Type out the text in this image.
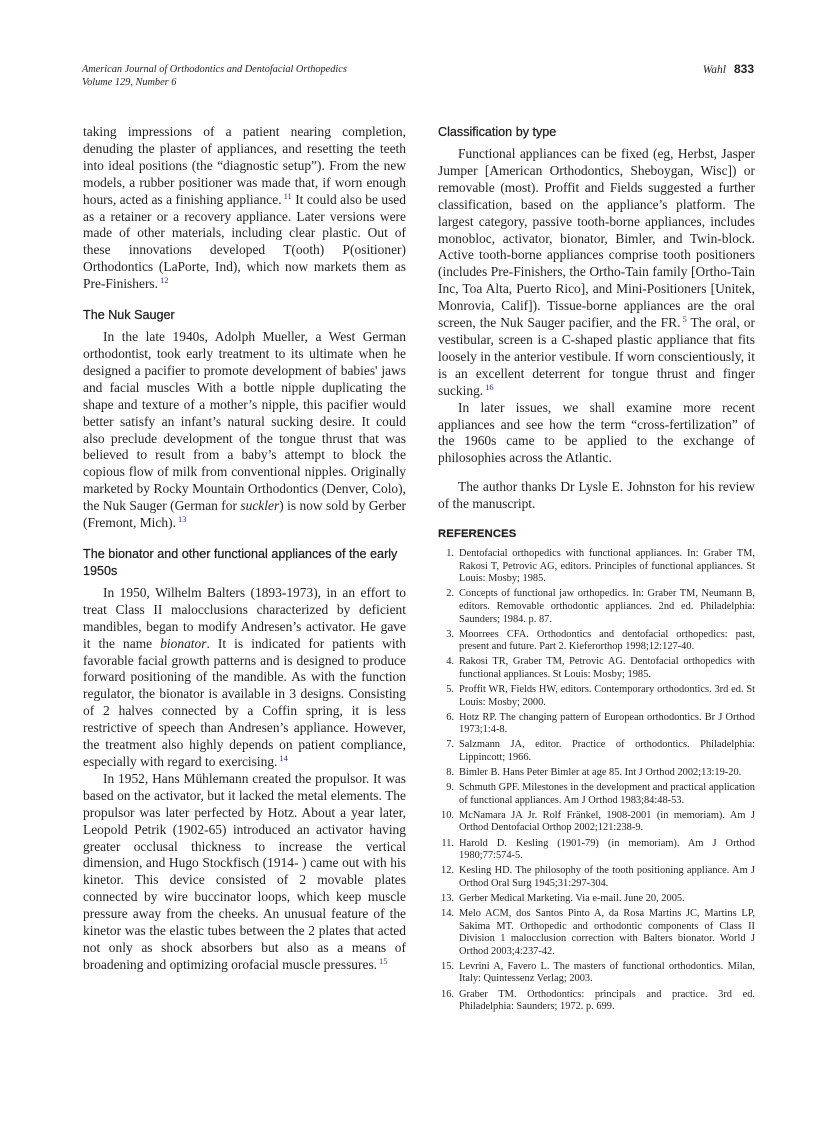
American Journal of Orthodontics and Dentofacial Orthopedics
Volume 129, Number 6
Wahl 833

taking impressions of a patient nearing completion, denuding the plaster of appliances, and resetting the teeth into ideal positions (the “diagnostic setup”). From the new models, a rubber positioner was made that, if worn enough hours, acted as a finishing appliance. $^{11}$ It could also be used as a retainer or a recovery appliance. Later versions were made of other materials, including clear plastic. Out of these innovations developed T(ooth) P(ositioner) Orthodontics (LaPorte, Ind), which now markets them as Pre-Finishers. $^{12}$

The Nuk Sauger

In the late 1940s, Adolph Mueller, a West German orthodontist, took early treatment to its ultimate when he designed a pacifier to promote development of babies' jaws and facial muscles With a bottle nipple duplicating the shape and texture of a mother’s nipple, this pacifier would better satisfy an infant’s natural sucking desire. It could also preclude development of the tongue thrust that was believed to result from a baby’s attempt to block the copious flow of milk from conventional nipples. Originally marketed by Rocky Mountain Orthodontics (Denver, Colo), the Nuk Sauger (German for suckler) is now sold by Gerber (Fremont, Mich). $^{13}$

The bionator and other functional appliances of the early 1950s

In 1950, Wilhelm Balters (1893-1973), in an effort to treat Class II malocclusions characterized by deficient mandibles, began to modify Andresen’s activator. He gave it the name bionator. It is indicated for patients with favorable facial growth patterns and is designed to produce forward positioning of the mandible. As with the function regulator, the bionator is available in 3 designs. Consisting of 2 halves connected by a Coffin spring, it is less restrictive of speech than Andresen’s appliance. However, the treatment also highly depends on patient compliance, especially with regard to exercising. $^{14}$

In 1952, Hans Mühlemann created the propulsor. It was based on the activator, but it lacked the metal elements. The propulsor was later perfected by Hotz. About a year later, Leopold Petrik (1902-65) introduced an activator having greater occlusal thickness to increase the vertical dimension, and Hugo Stockfisch (1914- ) came out with his kinetor. This device consisted of 2 movable plates connected by wire buccinator loops, which keep muscle pressure away from the cheeks. An unusual feature of the kinetor was the elastic tubes between the 2 plates that acted not only as shock absorbers but also as a means of broadening and optimizing orofacial muscle pressures. $^{15}$

Classification by type

Functional appliances can be fixed (eg, Herbst, Jasper Jumper [American Orthodontics, Sheboygan, Wisc]) or removable (most). Proffit and Fields suggested a further classification, based on the appliance’s platform. The largest category, passive tooth-borne appliances, includes monobloc, activator, bionator, Bimler, and Twin-block. Active tooth-borne appliances comprise tooth positioners (includes Pre-Finishers, the Ortho-Tain family [Ortho-Tain Inc, Toa Alta, Puerto Rico], and Mini-Positioners [Unitek, Monrovia, Calif]). Tissue-borne appliances are the oral screen, the Nuk Sauger pacifier, and the FR. $^5$ The oral, or vestibular, screen is a C-shaped plastic appliance that fits loosely in the anterior vestibule. If worn conscientiously, it is an excellent deterrent for tongue thrust and finger sucking. $^{16}$

In later issues, we shall examine more recent appliances and see how the term “cross-fertilization” of the 1960s came to be applied to the exchange of philosophies across the Atlantic.

The author thanks Dr Lysle E. Johnston for his review of the manuscript.

REFERENCES
1. Dentofacial orthopedics with functional appliances. In: Graber TM, Rakosi T, Petrovic AG, editors. Principles of functional appliances. St Louis: Mosby; 1985.
2. Concepts of functional jaw orthopedics. In: Graber TM, Neumann B, editors. Removable orthodontic appliances. 2nd ed. Philadelphia: Saunders; 1984. p. 87.
3. Moorrees CFA. Orthodontics and dentofacial orthopedics: past, present and future. Part 2. Kieferorthop 1998;12:127-40.
4. Rakosi TR, Graber TM, Petrovic AG. Dentofacial orthopedics with functional appliances. St Louis: Mosby; 1985.
5. Proffit WR, Fields HW, editors. Contemporary orthodontics. 3rd ed. St Louis: Mosby; 2000.
6. Hotz RP. The changing pattern of European orthodontics. Br J Orthod 1973;1:4-8.
7. Salzmann JA, editor. Practice of orthodontics. Philadelphia: Lippincott; 1966.
8. Bimler B. Hans Peter Bimler at age 85. Int J Orthod 2002;13:19-20.
9. Schmuth GPF. Milestones in the development and practical application of functional appliances. Am J Orthod 1983;84:48-53.
10. McNamara JA Jr. Rolf Fränkel, 1908-2001 (in memoriam). Am J Orthod Dentofacial Orthop 2002;121:238-9.
11. Harold D. Kesling (1901-79) (in memoriam). Am J Orthod 1980;77:574-5.
12. Kesling HD. The philosophy of the tooth positioning appliance. Am J Orthod Oral Surg 1945;31:297-304.
13. Gerber Medical Marketing. Via e-mail. June 20, 2005.
14. Melo ACM, dos Santos Pinto A, da Rosa Martins JC, Martins LP, Sakima MT. Orthopedic and orthodontic components of Class II Division 1 malocclusion correction with Balters bionator. World J Orthod 2003;4:237-42.
15. Levrini A, Favero L. The masters of functional orthodontics. Milan, Italy: Quintessenz Verlag; 2003.
16. Graber TM. Orthodontics: principals and practice. 3rd ed. Philadelphia: Saunders; 1972. p. 699.
